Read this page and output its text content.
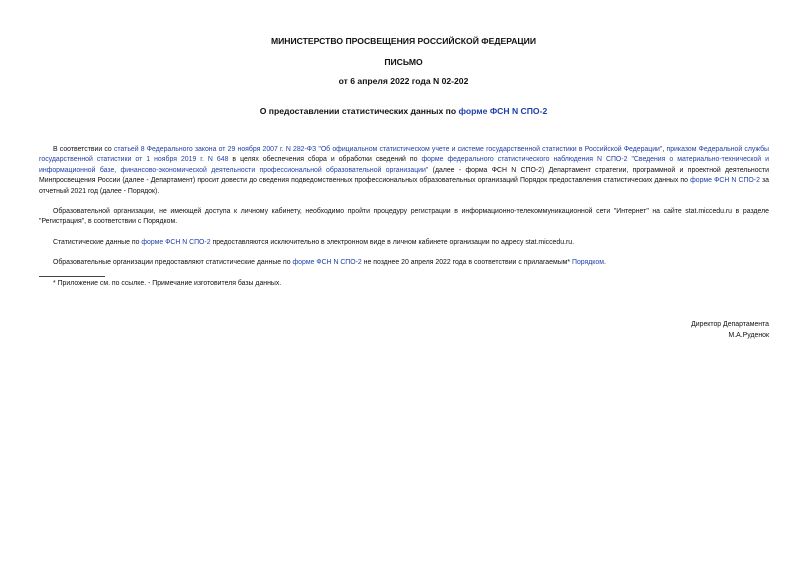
МИНИСТЕРСТВО ПРОСВЕЩЕНИЯ РОССИЙСКОЙ ФЕДЕРАЦИИ
ПИСЬМО
от 6 апреля 2022 года N 02-202
О предоставлении статистических данных по форме ФСН N СПО-2
В соответствии со статьей 8 Федерального закона от 29 ноября 2007 г. N 282-ФЗ "Об официальном статистическом учете и системе государственной статистики в Российской Федерации", приказом Федеральной службы государственной статистики от 1 ноября 2019 г. N 648 в целях обеспечения сбора и обработки сведений по форме федерального статистического наблюдения N СПО-2 "Сведения о материально-технической и информационной базе, финансово-экономической деятельности профессиональной образовательной организации" (далее - форма ФСН N СПО-2) Департамент стратегии, программной и проектной деятельности Минпросвещения России (далее - Департамент) просит довести до сведения подведомственных профессиональных образовательных организаций Порядок предоставления статистических данных по форме ФСН N СПО-2 за отчетный 2021 год (далее - Порядок).
Образовательной организации, не имеющей доступа к личному кабинету, необходимо пройти процедуру регистрации в информационно-телекоммуникационной сети "Интернет" на сайте stat.miccedu.ru в разделе "Регистрация", в соответствии с Порядком.
Статистические данные по форме ФСН N СПО-2 предоставляются исключительно в электронном виде в личном кабинете организации по адресу stat.miccedu.ru.
Образовательные организации предоставляют статистические данные по форме ФСН N СПО-2 не позднее 20 апреля 2022 года в соответствии с прилагаемым* Порядком.
* Приложение см. по ссылке. - Примечание изготовителя базы данных.
Директор Департамента
М.А.Руденок
